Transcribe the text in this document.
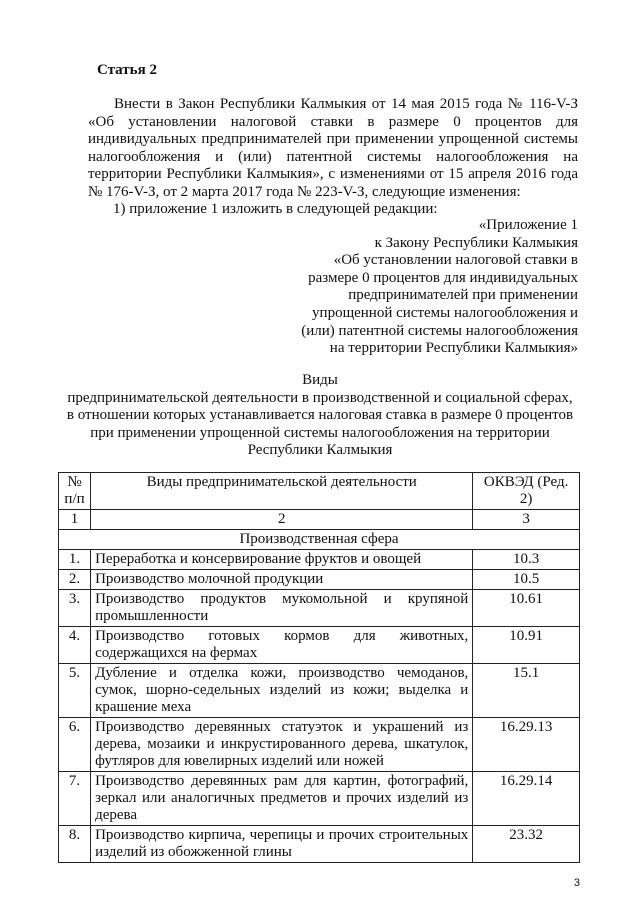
Статья 2
Внести в Закон Республики Калмыкия от 14 мая 2015 года № 116-V-З «Об установлении налоговой ставки в размере 0 процентов для индивидуальных предпринимателей при применении упрощенной системы налогообложения и (или) патентной системы налогообложения на территории Республики Калмыкия», с изменениями от 15 апреля 2016 года № 176-V-З, от 2 марта 2017 года № 223-V-З, следующие изменения:
1) приложение 1 изложить в следующей редакции:
«Приложение 1
к Закону Республики Калмыкия
«Об установлении налоговой ставки в
размере 0 процентов для индивидуальных
предпринимателей при применении
упрощенной системы налогообложения и
(или) патентной системы налогообложения
на территории Республики Калмыкия»
Виды
предпринимательской деятельности в производственной и социальной сферах,
в отношении которых устанавливается налоговая ставка в размере 0 процентов
при применении упрощенной системы налогообложения на территории
Республики Калмыкия
№ п/п	Виды предпринимательской деятельности	ОКВЭД (Ред. 2)
1	2	3
Производственная сфера		
1.	Переработка и консервирование фруктов и овощей	10.3
2.	Производство молочной продукции	10.5
3.	Производство продуктов мукомольной и крупяной промышленности	10.61
4.	Производство готовых кормов для животных, содержащихся на фермах	10.91
5.	Дубление и отделка кожи, производство чемоданов, сумок, шорно-седельных изделий из кожи; выделка и крашение меха	15.1
6.	Производство деревянных статуэток и украшений из дерева, мозаики и инкрустированного дерева, шкатулок, футляров для ювелирных изделий или ножей	16.29.13
7.	Производство деревянных рам для картин, фотографий, зеркал или аналогичных предметов и прочих изделий из дерева	16.29.14
8.	Производство кирпича, черепицы и прочих строительных изделий из обожженной глины	23.32
3
